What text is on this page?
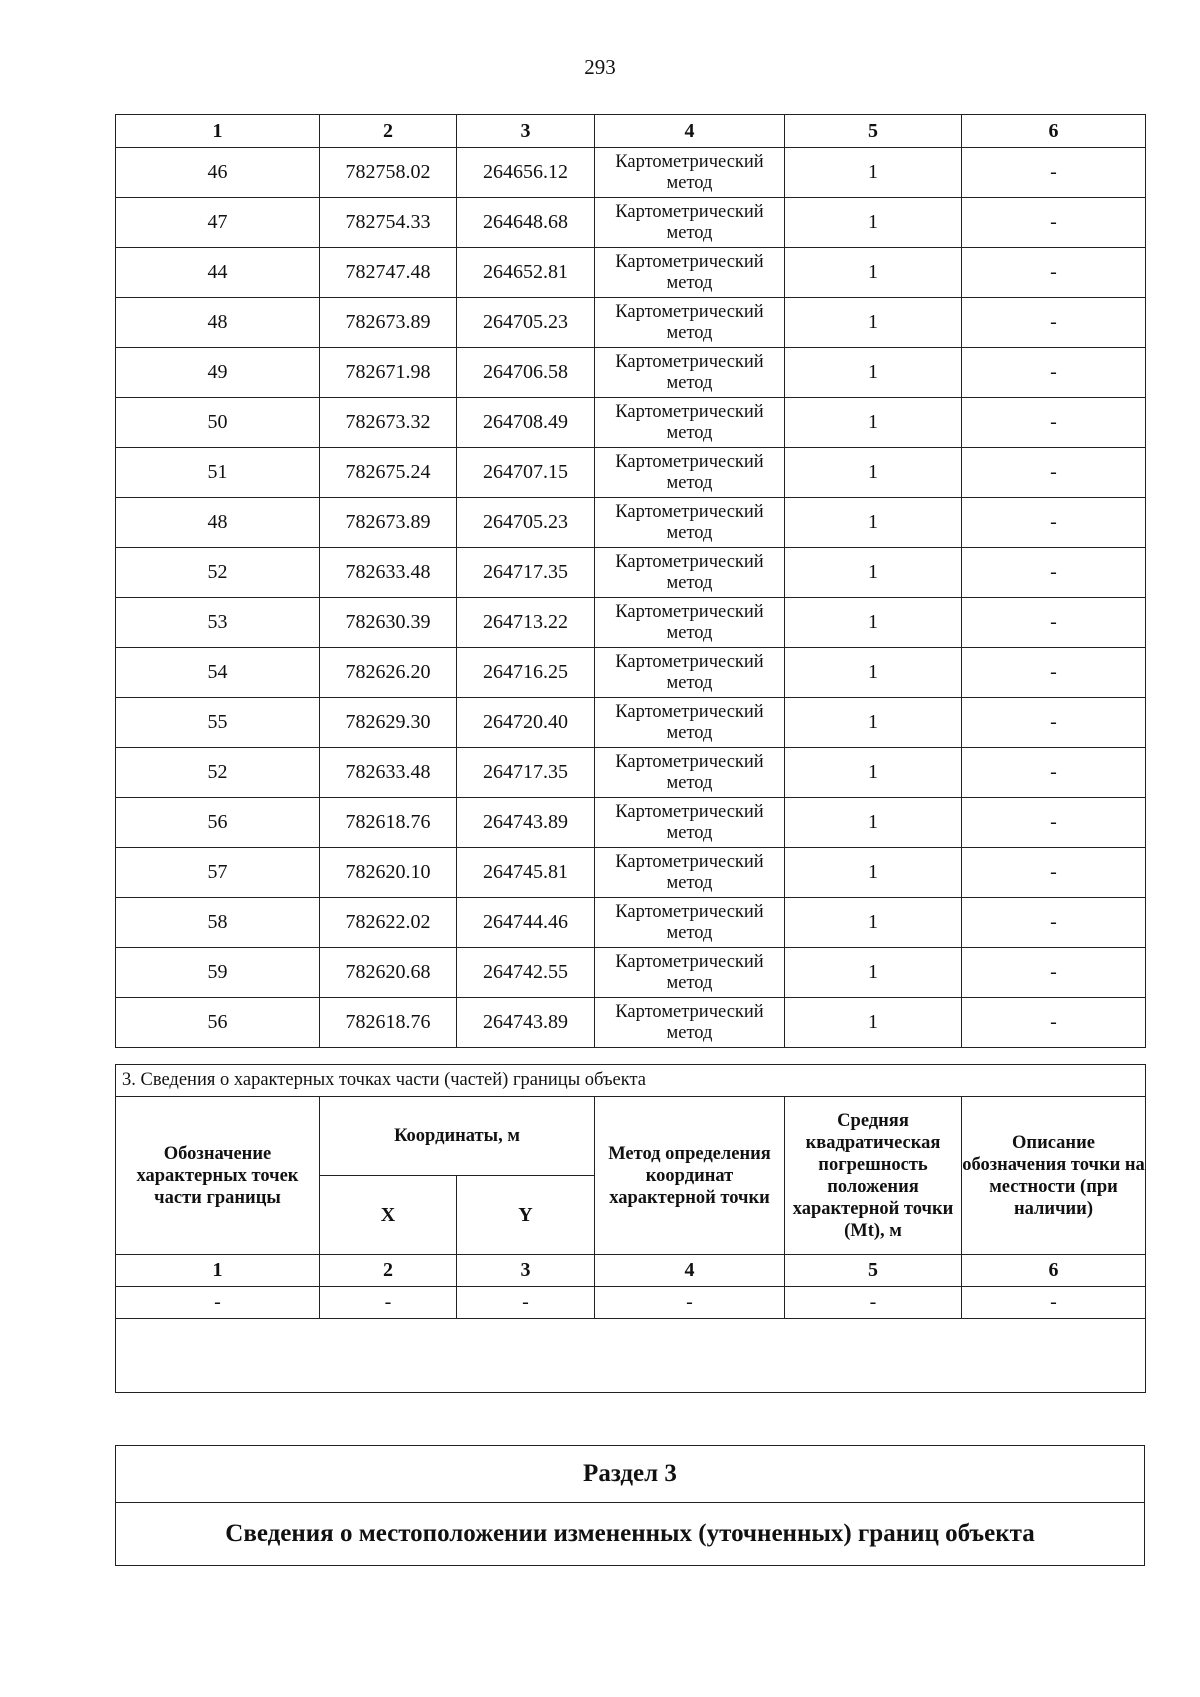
293
1	2	3	4	5	6
46	782758.02	264656.12	Картометрический метод	1	-
47	782754.33	264648.68	Картометрический метод	1	-
44	782747.48	264652.81	Картометрический метод	1	-
48	782673.89	264705.23	Картометрический метод	1	-
49	782671.98	264706.58	Картометрический метод	1	-
50	782673.32	264708.49	Картометрический метод	1	-
51	782675.24	264707.15	Картометрический метод	1	-
48	782673.89	264705.23	Картометрический метод	1	-
52	782633.48	264717.35	Картометрический метод	1	-
53	782630.39	264713.22	Картометрический метод	1	-
54	782626.20	264716.25	Картометрический метод	1	-
55	782629.30	264720.40	Картометрический метод	1	-
52	782633.48	264717.35	Картометрический метод	1	-
56	782618.76	264743.89	Картометрический метод	1	-
57	782620.10	264745.81	Картометрический метод	1	-
58	782622.02	264744.46	Картометрический метод	1	-
59	782620.68	264742.55	Картометрический метод	1	-
56	782618.76	264743.89	Картометрический метод	1	-
3. Сведения о характерных точках части (частей) границы объекта					
Обозначение характерных точек части границы	Координаты, м		Метод определения координат характерной точки	Средняя квадратическая погрешность положения характерной точки (Mt), м	Описание обозначения точки на местности (при наличии)
	X	Y			
1	2	3	4	5	6
-	-	-	-	-	-

Раздел 3
Сведения о местоположении измененных (уточненных) границ объекта
